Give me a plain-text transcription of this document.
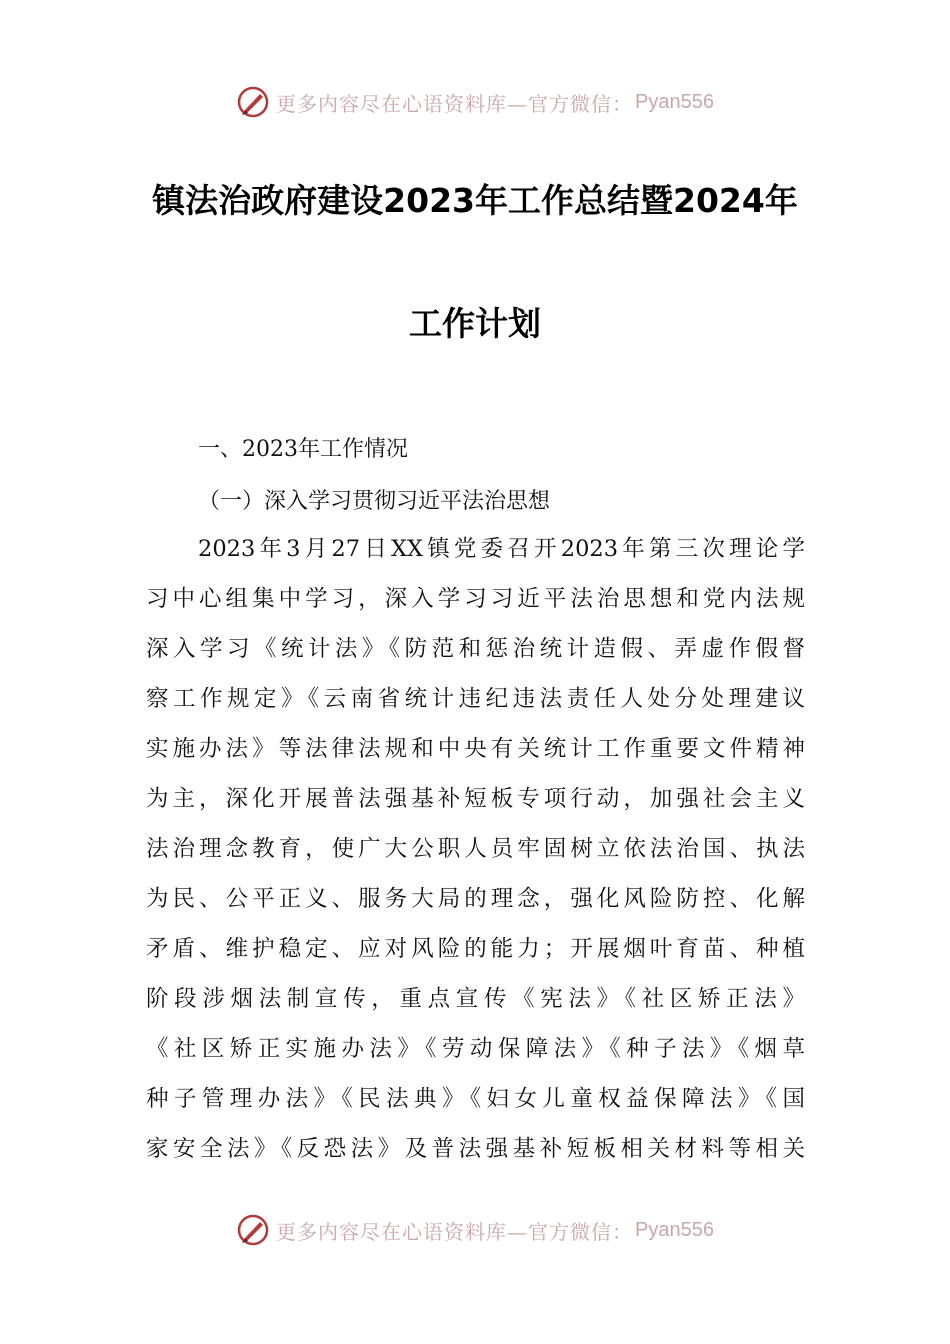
更多内容尽在心语资料库—官方微信： Pyan556
镇法治政府建设2023年工作总结暨2024年
工作计划
一、2023年工作情况
（一）深入学习贯彻习近平法治思想
2023年3月27日XX镇党委召开2023年第三次理论学
习中心组集中学习，深入学习习近平法治思想和党内法规
深入学习《统计法》《防范和惩治统计造假、弄虚作假督
察工作规定》《云南省统计违纪违法责任人处分处理建议
实施办法》等法律法规和中央有关统计工作重要文件精神
为主，深化开展普法强基补短板专项行动，加强社会主义
法治理念教育，使广大公职人员牢固树立依法治国、执法
为民、公平正义、服务大局的理念，强化风险防控、化解
矛盾、维护稳定、应对风险的能力；开展烟叶育苗、种植
阶段涉烟法制宣传，重点宣传《宪法》《社区矫正法》
《社区矫正实施办法》《劳动保障法》《种子法》《烟草
种子管理办法》《民法典》《妇女儿童权益保障法》《国
家安全法》《反恐法》及普法强基补短板相关材料等相关
更多内容尽在心语资料库—官方微信： Pyan556
